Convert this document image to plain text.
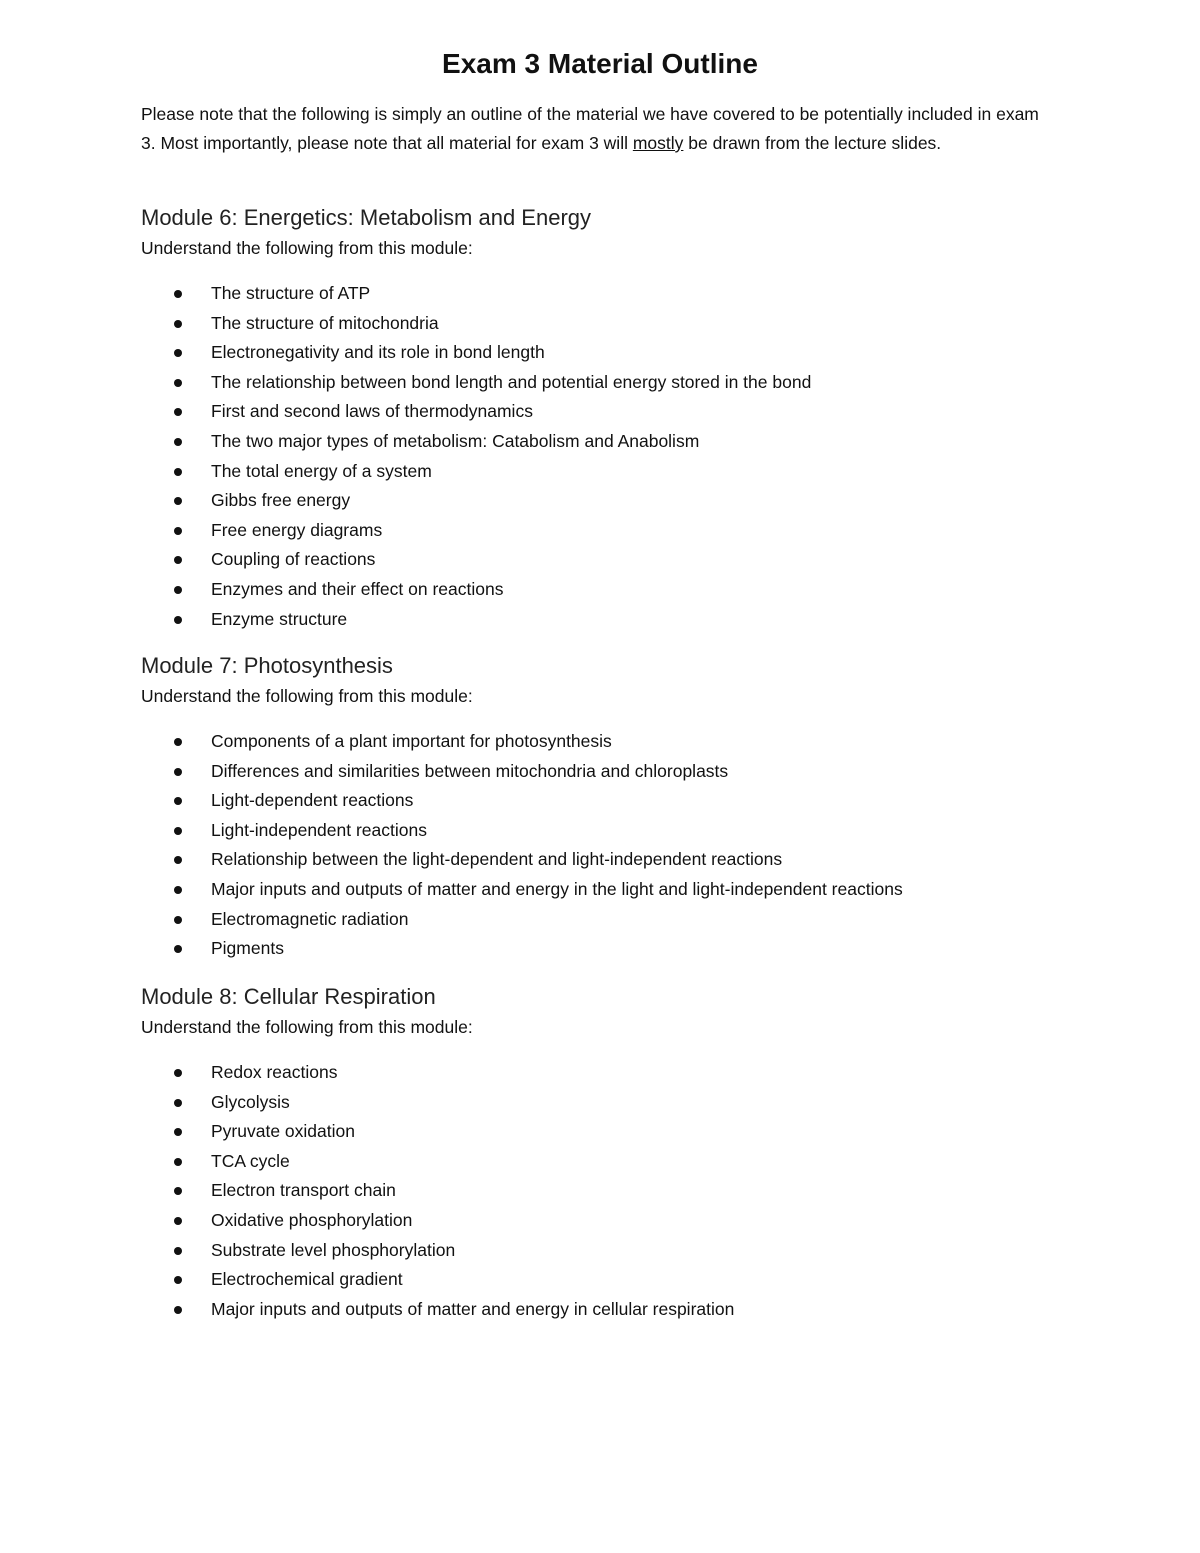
Exam 3 Material Outline
Please note that the following is simply an outline of the material we have covered to be potentially included in exam 3. Most importantly, please note that all material for exam 3 will mostly be drawn from the lecture slides.
Module 6: Energetics: Metabolism and Energy

Understand the following from this module:

The structure of ATP
The structure of mitochondria
Electronegativity and its role in bond length
The relationship between bond length and potential energy stored in the bond
First and second laws of thermodynamics
The two major types of metabolism: Catabolism and Anabolism
The total energy of a system
Gibbs free energy
Free energy diagrams
Coupling of reactions
Enzymes and their effect on reactions
Enzyme structure
Module 7: Photosynthesis

Understand the following from this module:

Components of a plant important for photosynthesis
Differences and similarities between mitochondria and chloroplasts
Light-dependent reactions
Light-independent reactions
Relationship between the light-dependent and light-independent reactions
Major inputs and outputs of matter and energy in the light and light-independent reactions
Electromagnetic radiation
Pigments
Module 8: Cellular Respiration

Understand the following from this module:

Redox reactions
Glycolysis
Pyruvate oxidation
TCA cycle
Electron transport chain
Oxidative phosphorylation
Substrate level phosphorylation
Electrochemical gradient
Major inputs and outputs of matter and energy in cellular respiration
